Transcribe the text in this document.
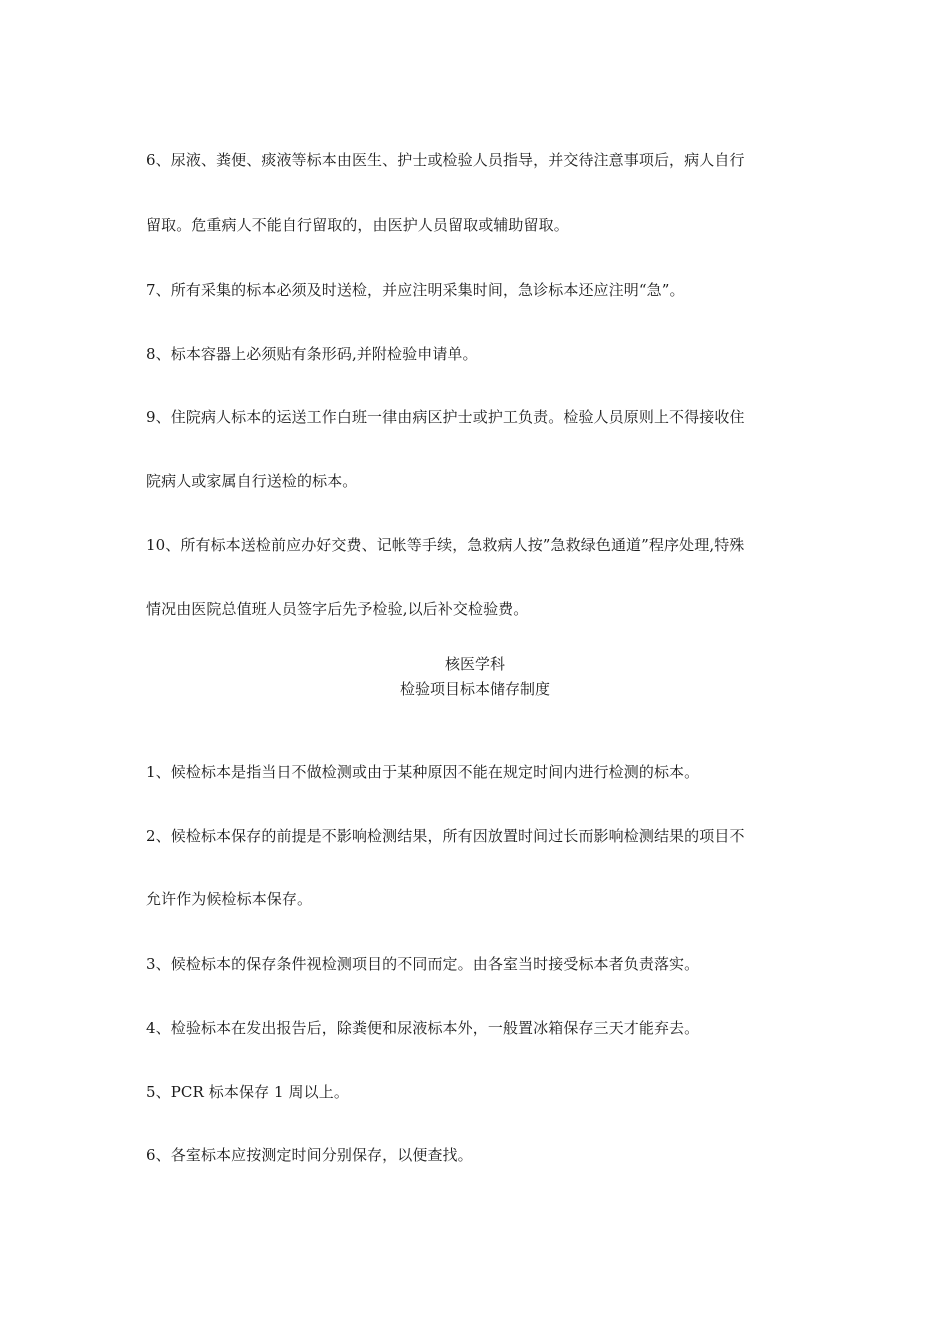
6、尿液、粪便、痰液等标本由医生、护士或检验人员指导，并交待注意事项后，病人自行
留取。危重病人不能自行留取的，由医护人员留取或辅助留取。
7、所有采集的标本必须及时送检，并应注明采集时间，急诊标本还应注明“急”。
8、标本容器上必须贴有条形码,并附检验申请单。
9、住院病人标本的运送工作白班一律由病区护士或护工负责。检验人员原则上不得接收住
院病人或家属自行送检的标本。
10、所有标本送检前应办好交费、记帐等手续，急救病人按”急救绿色通道”程序处理,特殊
情况由医院总值班人员签字后先予检验,以后补交检验费。
核医学科
检验项目标本储存制度
1、候检标本是指当日不做检测或由于某种原因不能在规定时间内进行检测的标本。
2、候检标本保存的前提是不影响检测结果，所有因放置时间过长而影响检测结果的项目不
允许作为候检标本保存。
3、候检标本的保存条件视检测项目的不同而定。由各室当时接受标本者负责落实。
4、检验标本在发出报告后，除粪便和尿液标本外，一般置冰箱保存三天才能弃去。
5、PCR 标本保存 1 周以上。
6、各室标本应按测定时间分别保存，以便查找。
